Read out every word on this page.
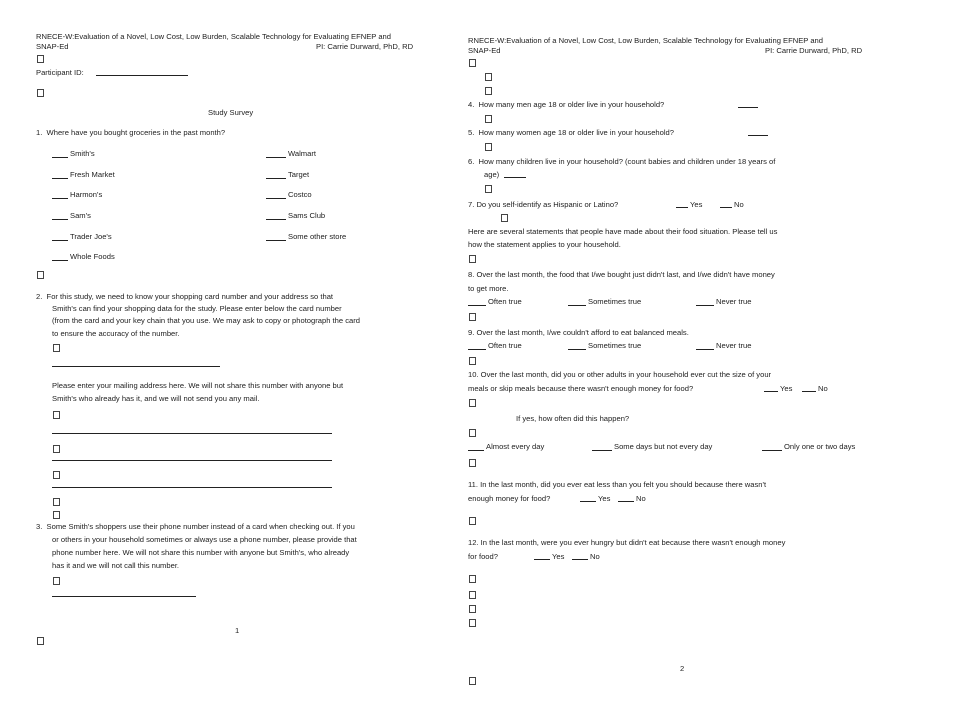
RNECE-W:Evaluation of a Novel, Low Cost, Low Burden, Scalable Technology for Evaluating EFNEP and
SNAP-Ed	PI: Carrie Durward, PhD, RD
Participant ID:
Study Survey
1.  Where have you bought groceries in the past month?
Smith's
Fresh Market
Harmon's
Sam's
Trader Joe's
Whole Foods
Walmart
Target
Costco
Sams Club
Some other store
2.  For this study, we need to know your shopping card number and your address so that
Smith's can find your shopping data for the study. Please enter below the card number
(from the card and your key chain that you use. We may ask to copy or photograph the card
to ensure the accuracy of the number.
Please enter your mailing address here. We will not share this number with anyone but
Smith's who already has it, and we will not send you any mail.
3.  Some Smith's shoppers use their phone number instead of a card when checking out. If you
or others in your household sometimes or always use a phone number, please provide that
phone number here. We will not share this number with anyone but Smith's, who already
has it and we will not call this number.
1
RNECE-W:Evaluation of a Novel, Low Cost, Low Burden, Scalable Technology for Evaluating EFNEP and
SNAP-Ed	PI: Carrie Durward, PhD, RD
4.  How many men age 18 or older live in your household?
5.  How many women age 18 or older live in your household?
6.  How many children live in your household? (count babies and children under 18 years of
age)
7. Do you self-identify as Hispanic or Latino?	Yes	No
Here are several statements that people have made about their food situation. Please tell us
how the statement applies to your household.
8. Over the last month, the food that I/we bought just didn't last, and I/we didn't have money
to get more.
Often true	Sometimes true	Never true
9. Over the last month, I/we couldn't afford to eat balanced meals.
Often true	Sometimes true	Never true
10. Over the last month, did you or other adults in your household ever cut the size of your
meals or skip meals because there wasn't enough money for food?	Yes	No
If yes, how often did this happen?
Almost every day	Some days but not every day	Only one or two days
11. In the last month, did you ever eat less than you felt you should because there wasn't
enough money for food?	Yes	No
12. In the last month, were you ever hungry but didn't eat because there wasn't enough money
for food?	Yes	No
2
